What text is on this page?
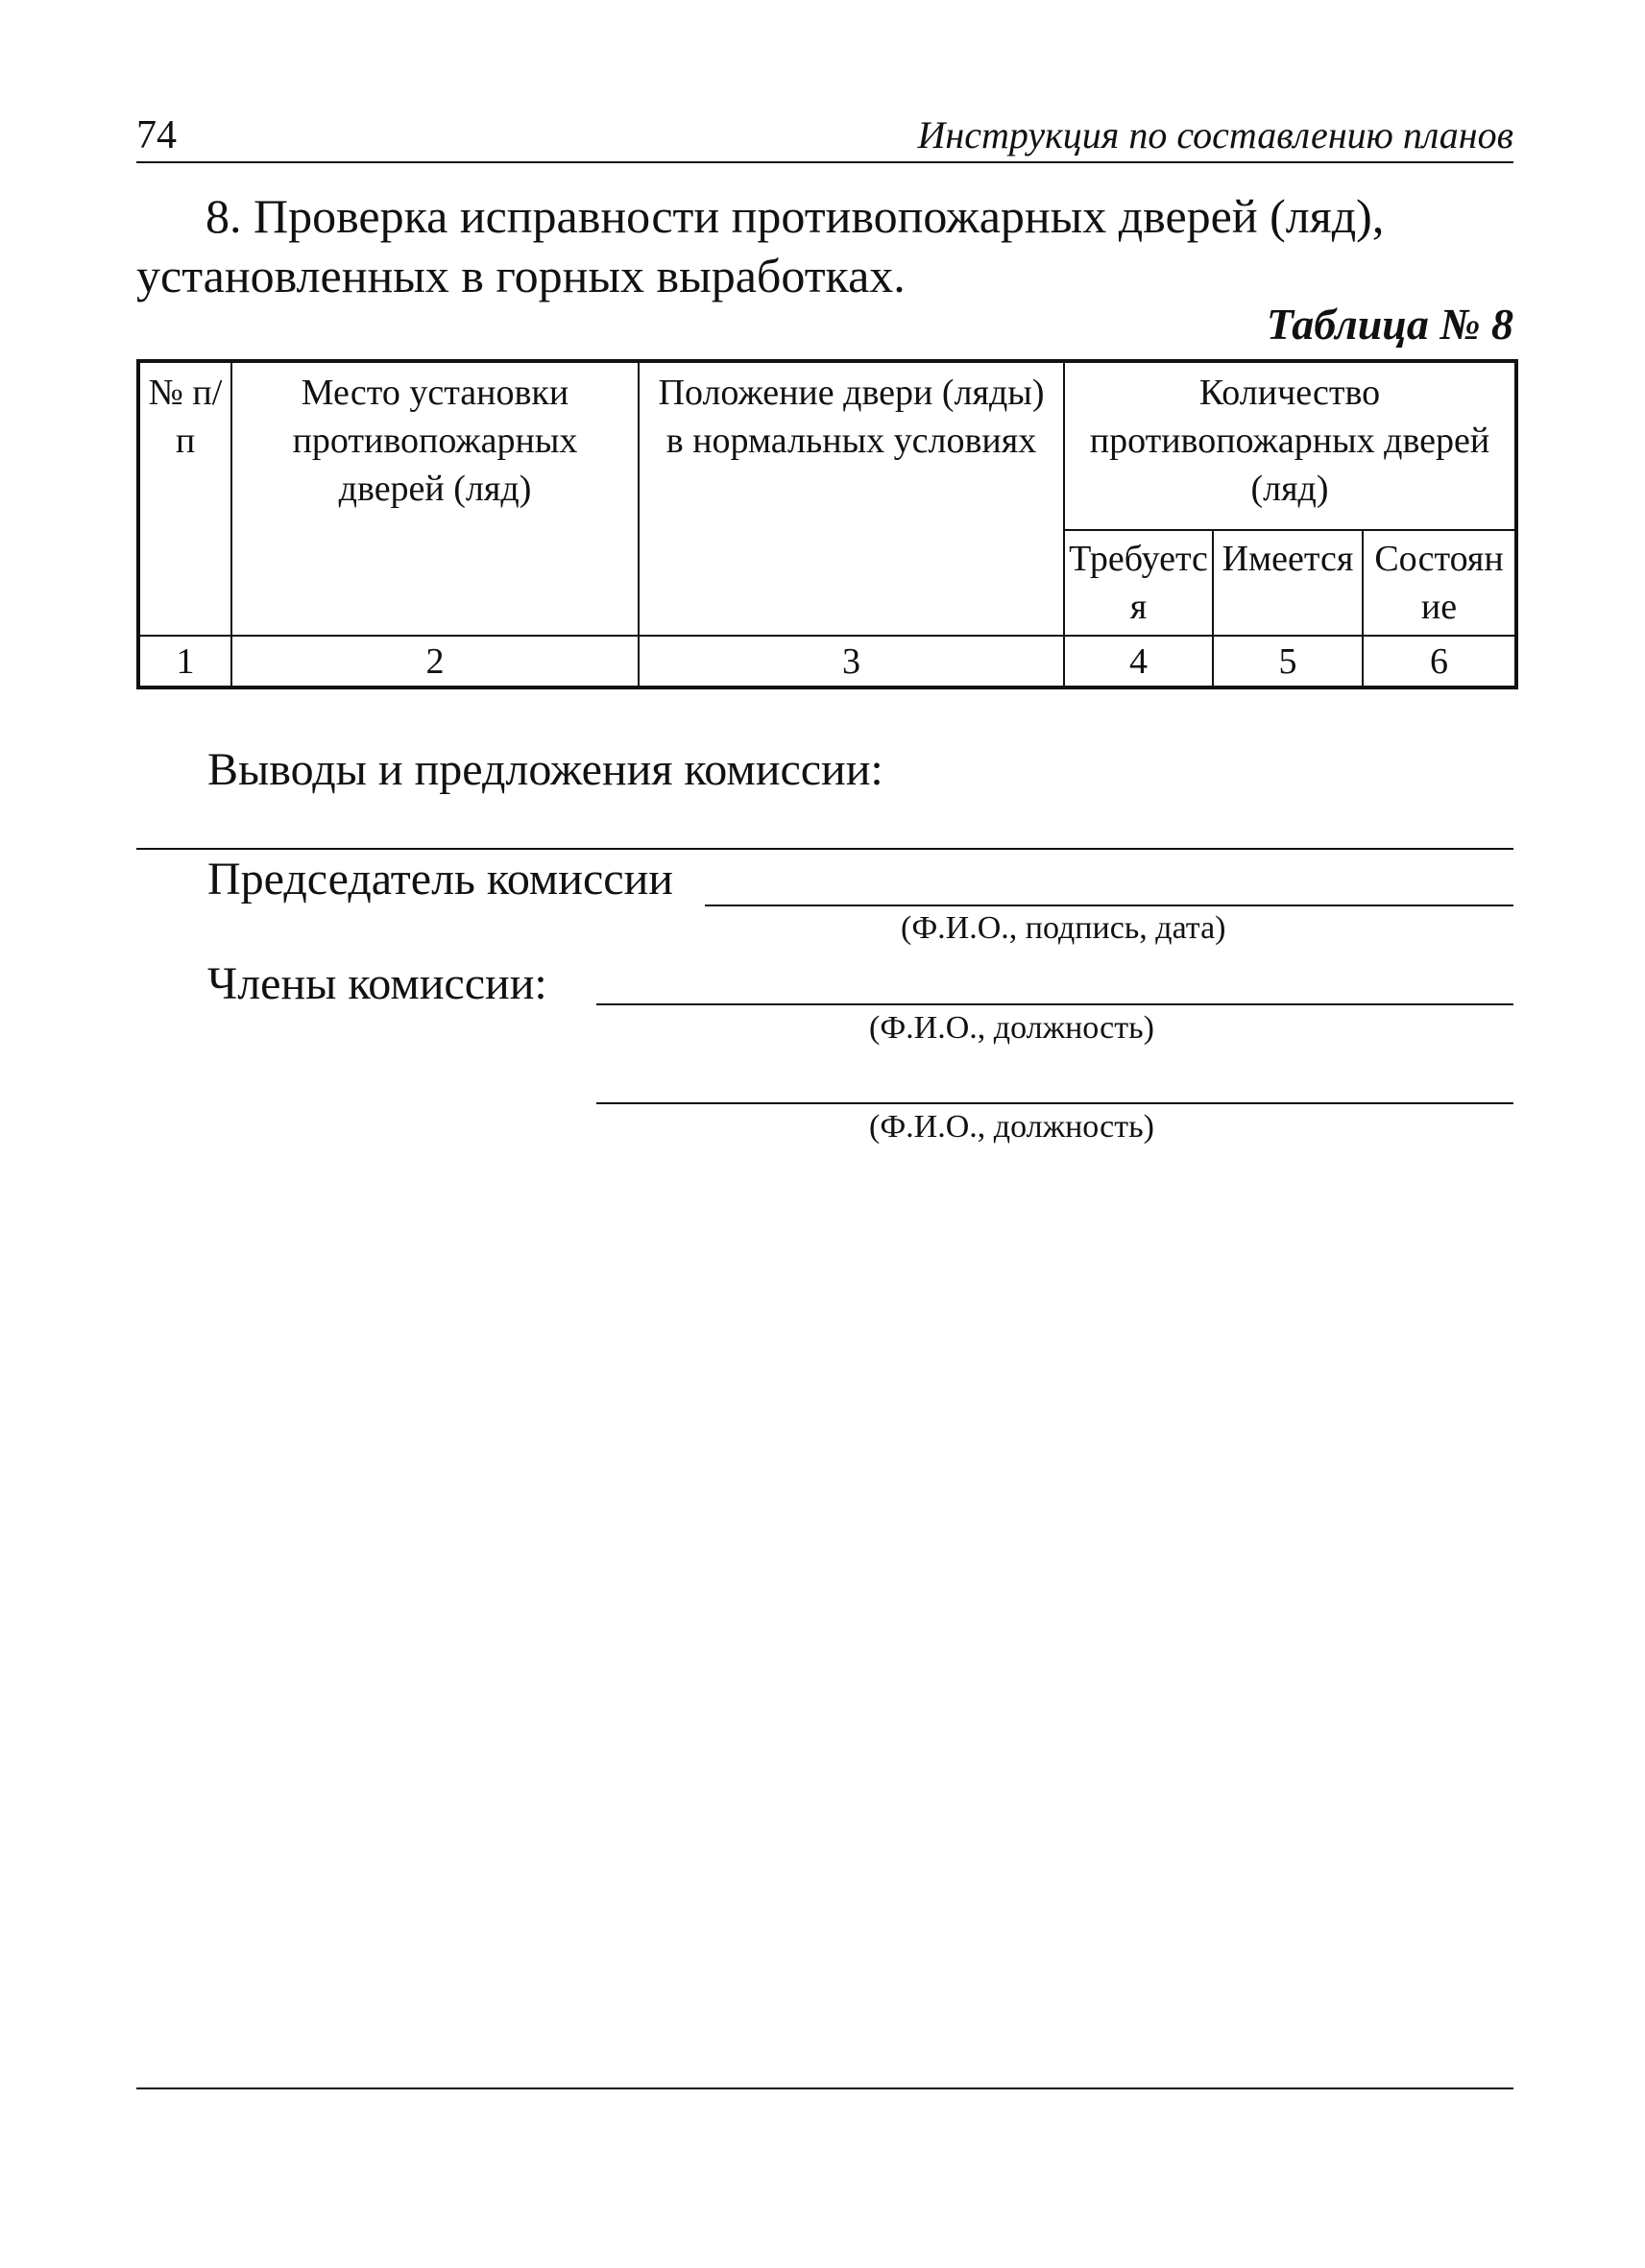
74	Инструкция по составлению планов
8. Проверка исправности противопожарных дверей (ляд), установленных в горных выработках.
Таблица № 8
№ п/п	Место установки противопожарных дверей (ляд)	Положение двери (ляды) в нормальных условиях	Количество противопожарных дверей (ляд)		

			Требуется	Имеется	Состояние

1	2	3	4	5	6
Выводы и предложения комиссии:
Председатель комиссии
(Ф.И.О., подпись, дата)
Члены комиссии:
(Ф.И.О., должность)
(Ф.И.О., должность)
